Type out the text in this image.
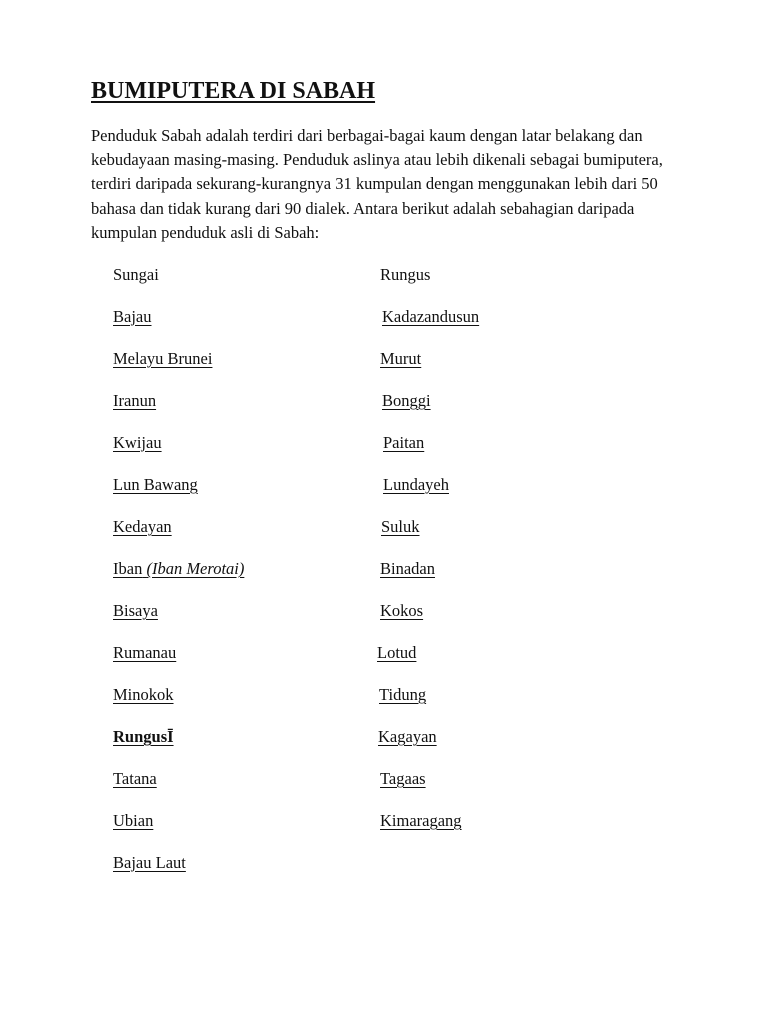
BUMIPUTERA DI SABAH

Penduduk Sabah adalah terdiri dari berbagai-bagai kaum dengan latar belakang dan kebudayaan masing-masing. Penduduk aslinya atau lebih dikenali sebagai bumiputera, terdiri daripada sekurang-kurangnya 31 kumpulan dengan menggunakan lebih dari 50 bahasa dan tidak kurang dari 90 dialek. Antara berikut adalah sebahagian daripada kumpulan penduduk asli di Sabah:

Sungai
Bajau
Melayu Brunei
Iranun
Kwijau
Lun Bawang
Kedayan
Iban (Iban Merotai)
Bisaya
Rumanau
Minokok
RungusĪ
Tatana
Ubian
Bajau Laut
Rungus
Kadazandusun
Murut
Bonggi
Paitan
Lundayeh
Suluk
Binadan
Kokos
Lotud
Tidung
Kagayan
Tagaas
Kimaragang
